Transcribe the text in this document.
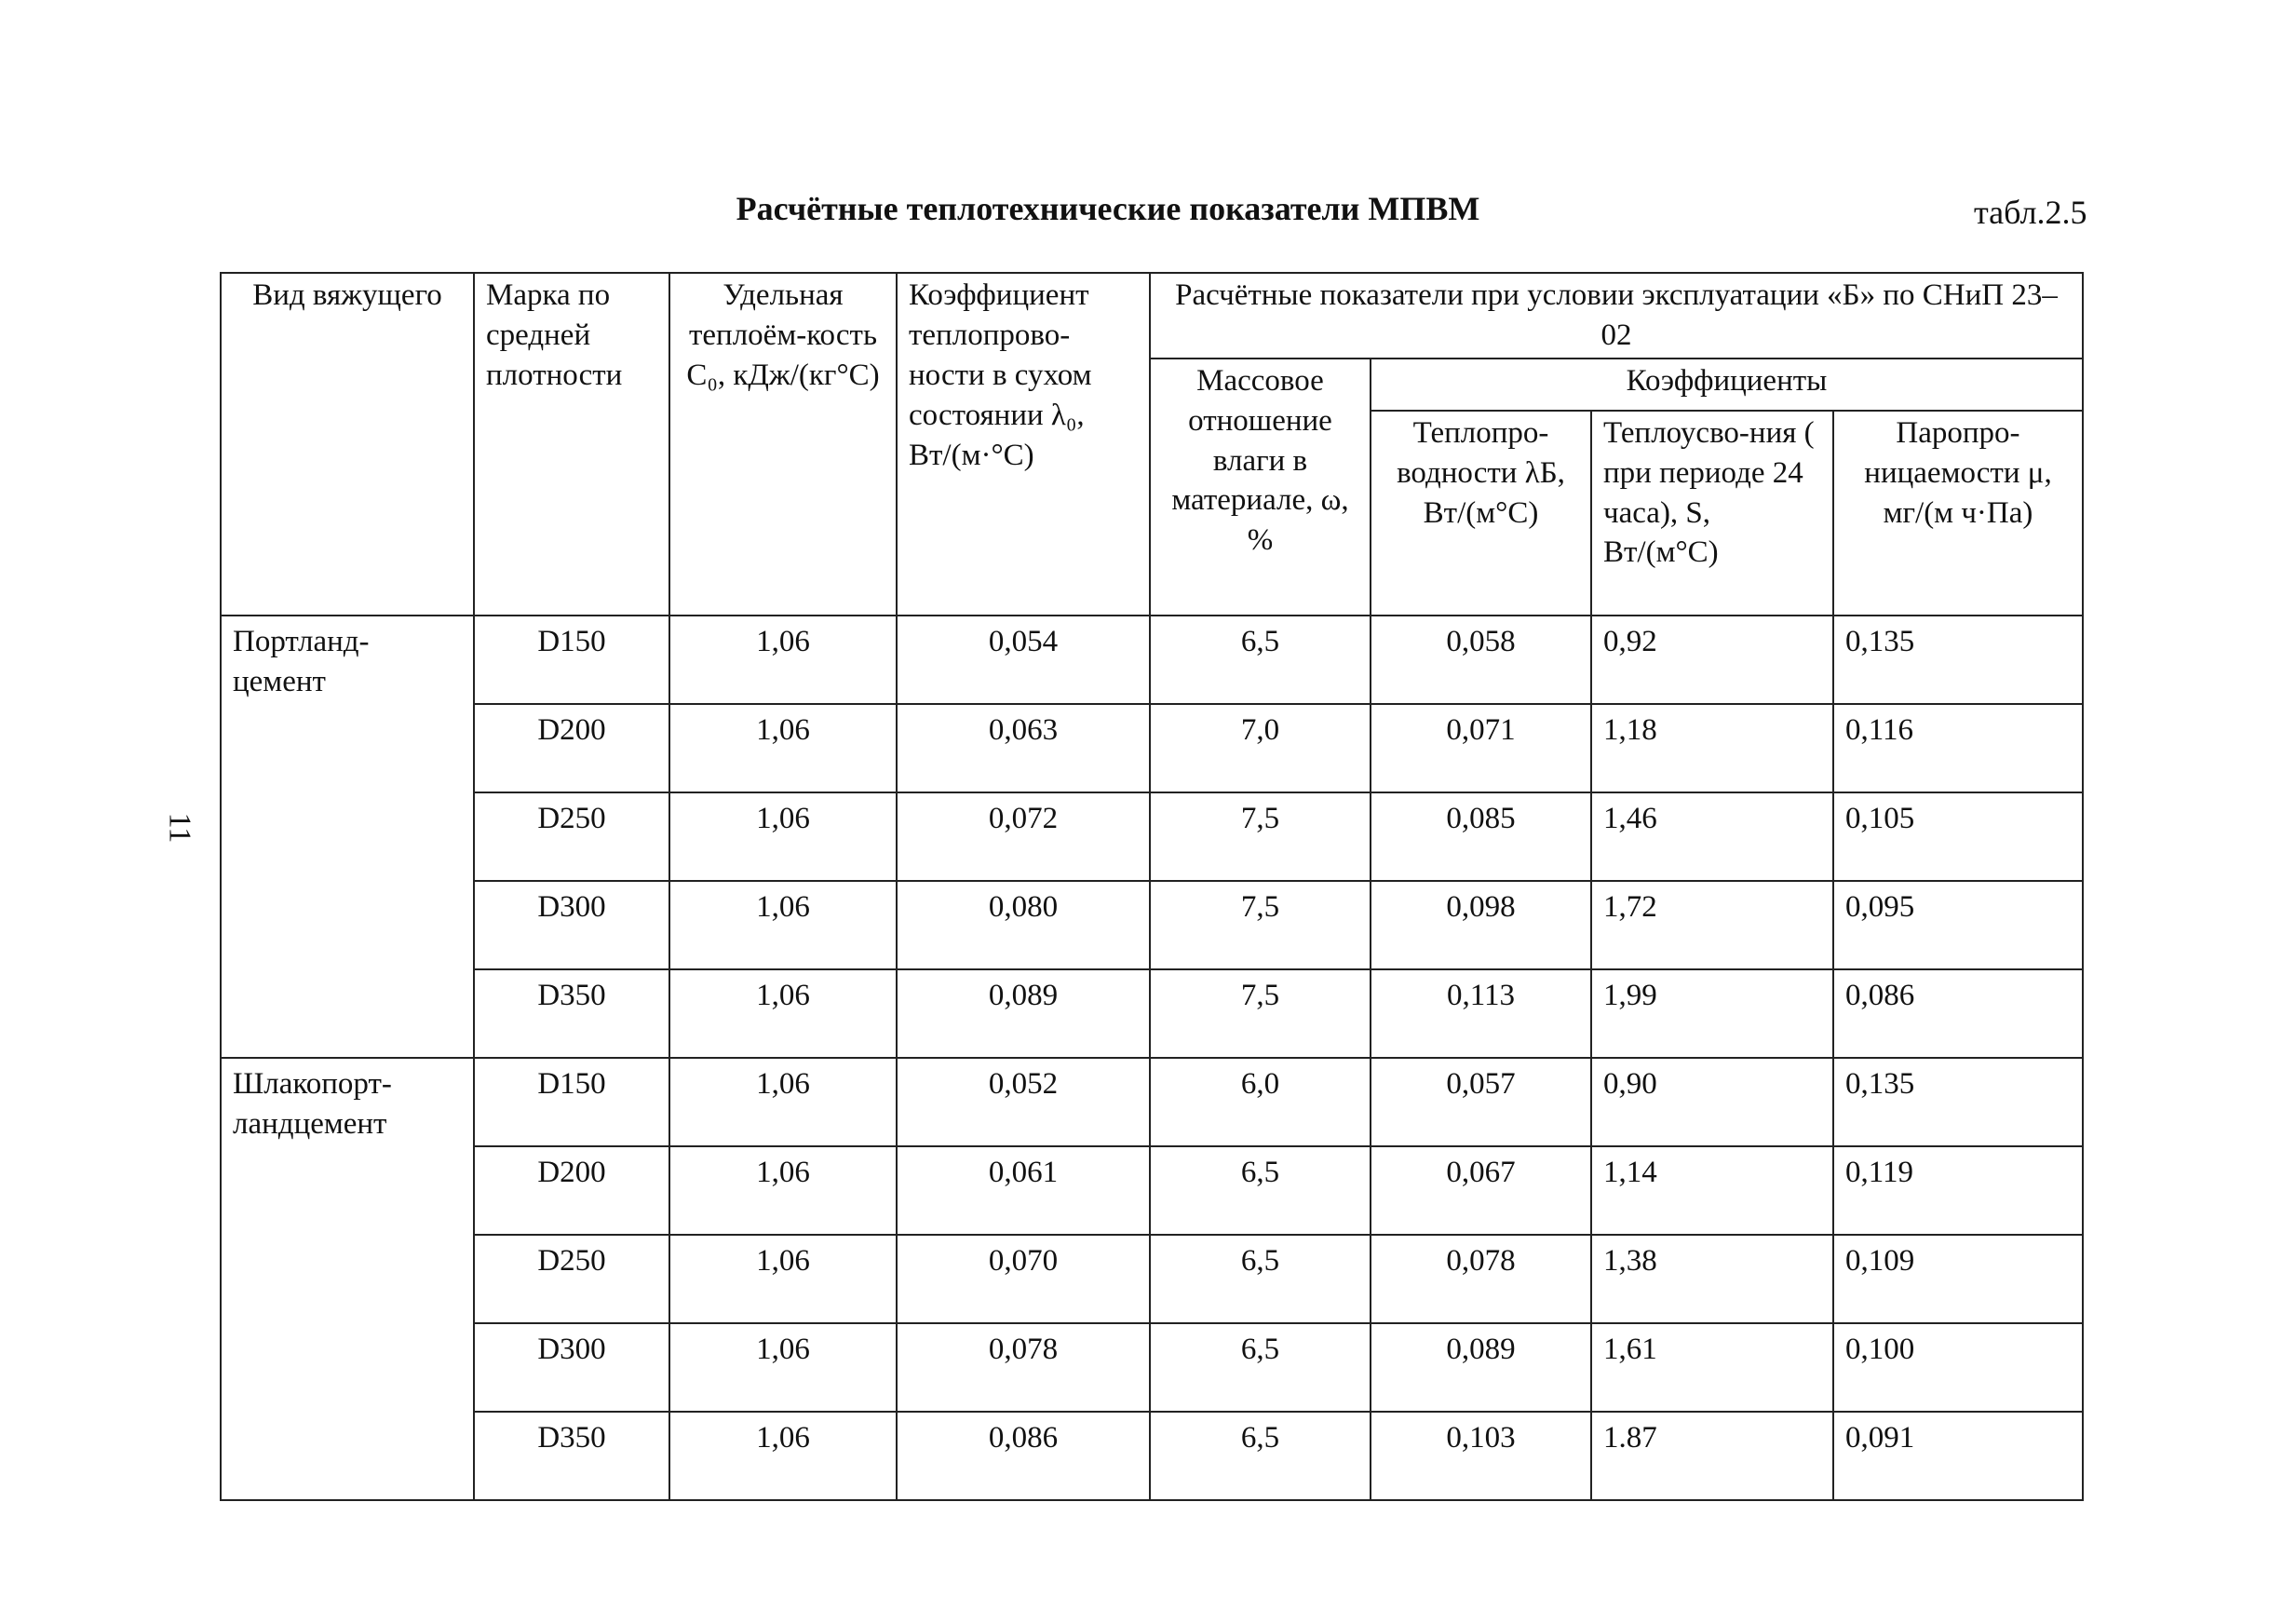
Расчётные теплотехнические показатели МПВМ	табл.2.5
11
Вид вяжущего	Марка по средней плотности	Удельная теплоём-кость С₀, кДж/(кг°С)	Коэффициент теплопрово-ности в сухом состоянии λ₀, Вт/(м·°С)	Расчётные показатели при условии эксплуатации «Б» по СНиП 23–02			
				Массовое отношение влаги в материале, ω, %	Коэффициенты		
					Теплопро-водности λБ, Вт/(м°С)	Теплоусво-ния ( при периоде 24 часа), S, Вт/(м°С)	Паропро-ницаемости μ, мг/(м ч·Па)
Портланд-цемент	D150	1,06	0,054	6,5	0,058	0,92	0,135
	D200	1,06	0,063	7,0	0,071	1,18	0,116
	D250	1,06	0,072	7,5	0,085	1,46	0,105
	D300	1,06	0,080	7,5	0,098	1,72	0,095
	D350	1,06	0,089	7,5	0,113	1,99	0,086
Шлакопорт-ландцемент	D150	1,06	0,052	6,0	0,057	0,90	0,135
	D200	1,06	0,061	6,5	0,067	1,14	0,119
	D250	1,06	0,070	6,5	0,078	1,38	0,109
	D300	1,06	0,078	6,5	0,089	1,61	0,100
	D350	1,06	0,086	6,5	0,103	1.87	0,091
